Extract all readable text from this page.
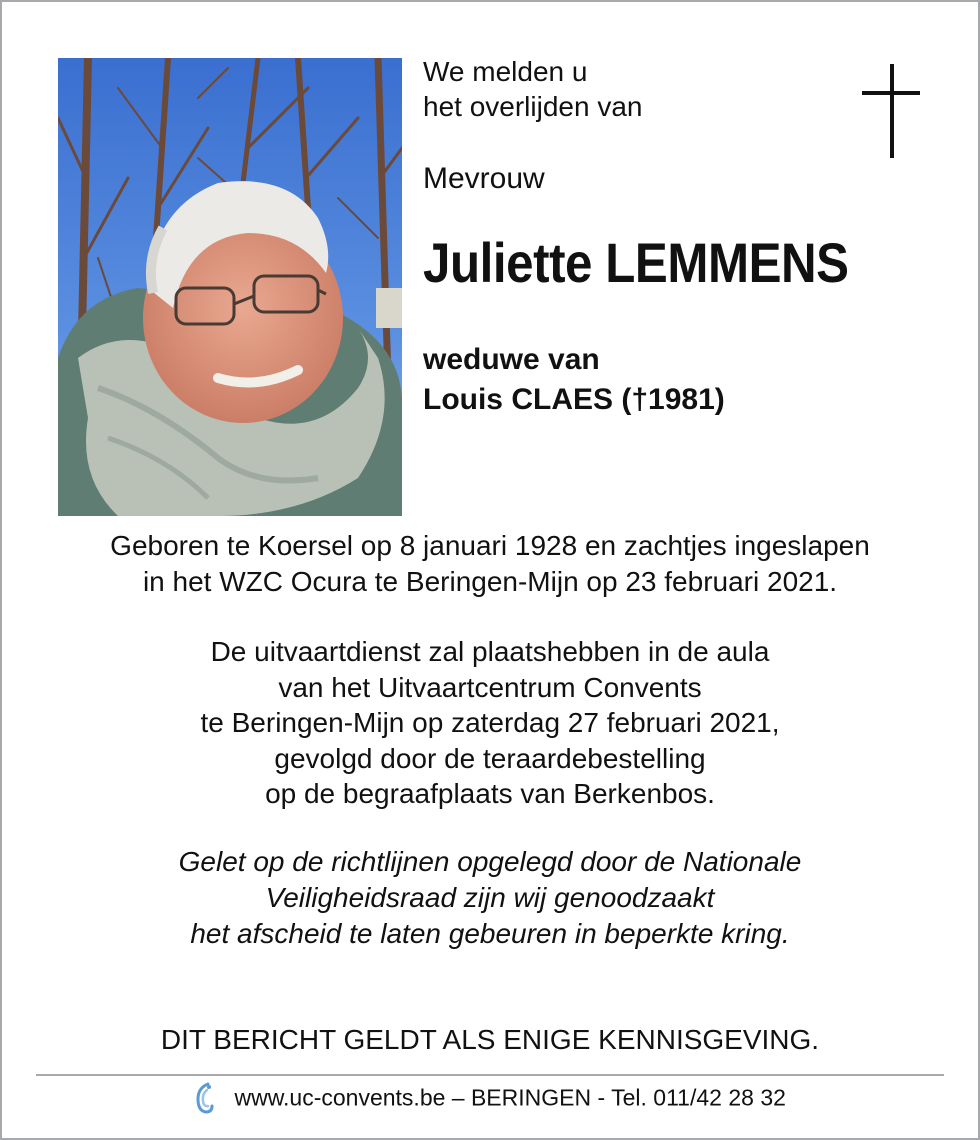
We melden u
het overlijden van
Mevrouw
Juliette LEMMENS
weduwe van
Louis CLAES (†1981)
Geboren te Koersel op 8 januari 1928 en zachtjes ingeslapen
in het WZC Ocura te Beringen-Mijn op 23 februari 2021.
De uitvaartdienst zal plaatshebben in de aula
van het Uitvaartcentrum Convents
te Beringen-Mijn op zaterdag 27 februari 2021,
gevolgd door de teraardebestelling
op de begraafplaats van Berkenbos.
Gelet op de richtlijnen opgelegd door de Nationale
Veiligheidsraad zijn wij genoodzaakt
het afscheid te laten gebeuren in beperkte kring.
DIT BERICHT GELDT ALS ENIGE KENNISGEVING.
www.uc-convents.be – BERINGEN - Tel. 011/42 28 32
